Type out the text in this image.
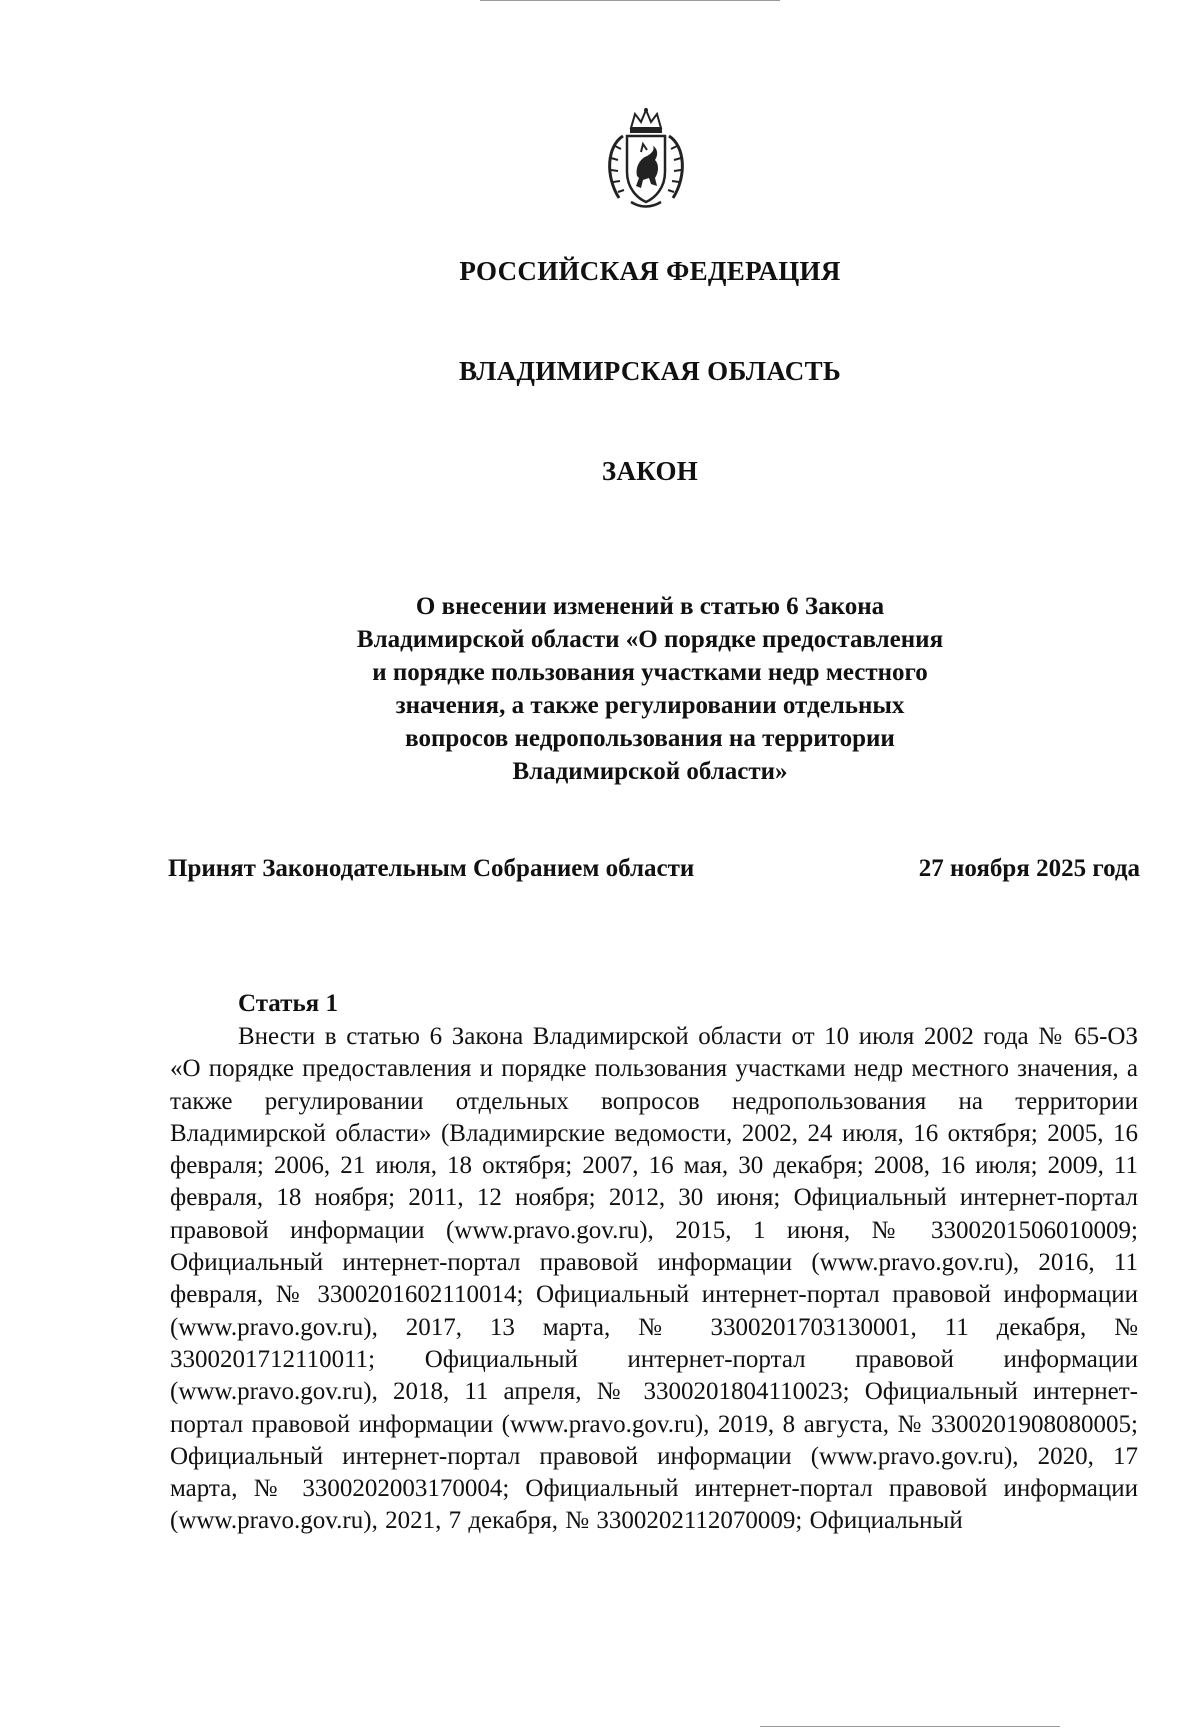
РОССИЙСКАЯ ФЕДЕРАЦИЯ
ВЛАДИМИРСКАЯ ОБЛАСТЬ
ЗАКОН
О внесении изменений в статью 6 Закона
Владимирской области «О порядке предоставления
и порядке пользования участками недр местного
значения, а также регулировании отдельных
вопросов недропользования на территории
Владимирской области»
Принят Законодательным Собранием области	27 ноября 2025 года
Статья 1

Внести в статью 6 Закона Владимирской области от 10 июля 2002 года № 65-ОЗ «О порядке предоставления и порядке пользования участками недр местного значения, а также регулировании отдельных вопросов недропользования на территории Владимирской области» (Владимирские ведомости, 2002, 24 июля, 16 октября; 2005, 16 февраля; 2006, 21 июля, 18 октября; 2007, 16 мая, 30 декабря; 2008, 16 июля; 2009, 11 февраля, 18 ноября; 2011, 12 ноября; 2012, 30 июня; Официальный интернет-портал правовой информации (www.pravo.gov.ru), 2015, 1 июня, № 3300201506010009; Официальный интернет-портал правовой информации (www.pravo.gov.ru), 2016, 11 февраля, № 3300201602110014; Официальный интернет-портал правовой информации (www.pravo.gov.ru), 2017, 13 марта, № 3300201703130001, 11 декабря, № 3300201712110011; Официальный интернет-портал правовой информации (www.pravo.gov.ru), 2018, 11 апреля, № 3300201804110023; Официальный интернет-портал правовой информации (www.pravo.gov.ru), 2019, 8 августа, № 3300201908080005; Официальный интернет-портал правовой информации (www.pravo.gov.ru), 2020, 17 марта, № 3300202003170004; Официальный интернет-портал правовой информации (www.pravo.gov.ru), 2021, 7 декабря, № 3300202112070009; Официальный
